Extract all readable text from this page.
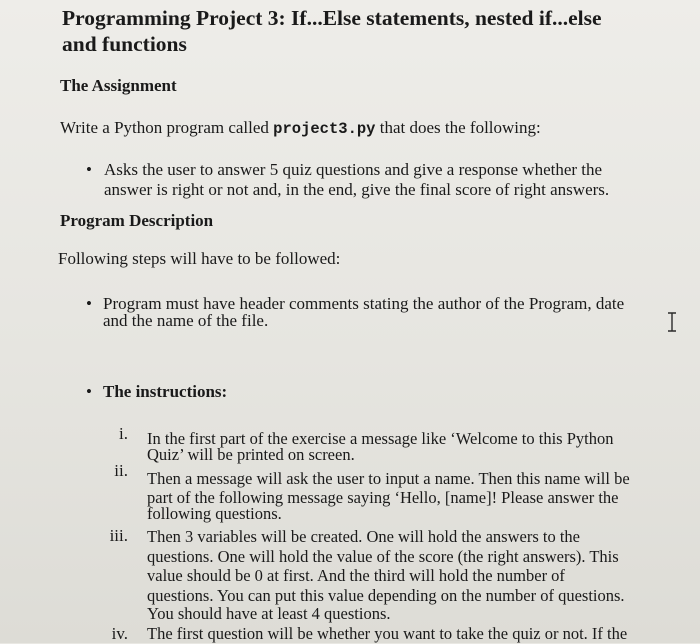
Programming Project 3: If...Else statements, nested if...else
and functions
The Assignment
Write a Python program called project3.py that does the following:
• Asks the user to answer 5 quiz questions and give a response whether the
answer is right or not and, in the end, give the final score of right answers.
Program Description
Following steps will have to be followed:
• Program must have header comments stating the author of the Program, date
and the name of the file.
• The instructions:
i. In the first part of the exercise a message like ‘Welcome to this Python
Quiz’ will be printed on screen.
ii. Then a message will ask the user to input a name. Then this name will be
part of the following message saying ‘Hello, [name]! Please answer the
following questions.
iii. Then 3 variables will be created. One will hold the answers to the
questions. One will hold the value of the score (the right answers). This
value should be 0 at first. And the third will hold the number of
questions. You can put this value depending on the number of questions.
You should have at least 4 questions.
iv. The first question will be whether you want to take the quiz or not. If the
